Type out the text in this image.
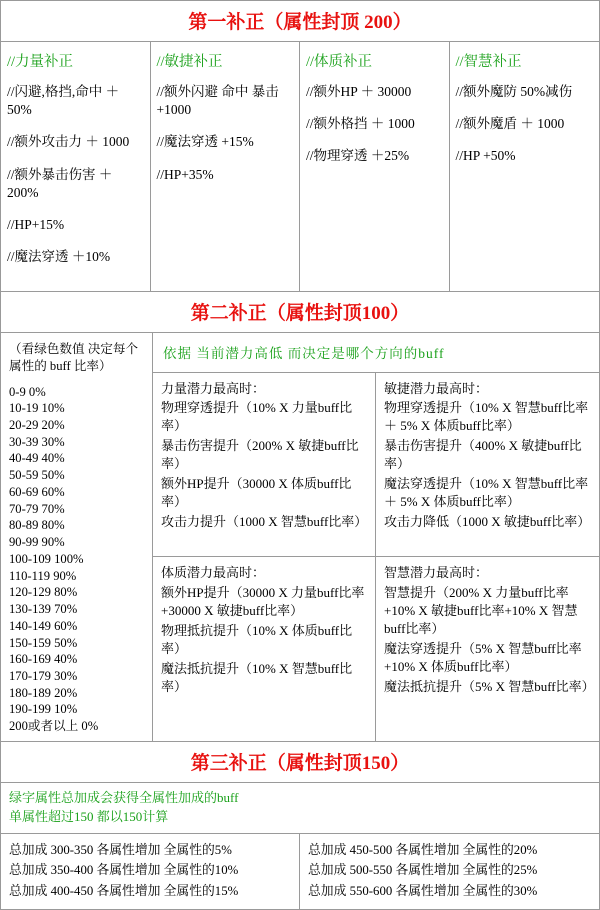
第一补正（属性封顶 200）
//力量补正
//闪避,格挡,命中 ＋50%
//额外攻击力 ＋ 1000
//额外暴击伤害 ＋ 200%
//HP+15%
//魔法穿透 ＋10%
//敏捷补正
//额外闪避 命中 暴击 +1000
//魔法穿透 +15%
//HP+35%
//体质补正
//额外HP ＋ 30000
//额外格挡 ＋ 1000
//物理穿透 ＋25%
//智慧补正
//额外魔防 50%减伤
//额外魔盾 ＋ 1000
//HP +50%
第二补正（属性封顶100）
（看绿色数值 决定每个属性的 buff 比率）
0-9 0%
10-19 10%
20-29 20%
30-39 30%
40-49 40%
50-59 50%
60-69 60%
70-79 70%
80-89 80%
90-99 90%
100-109 100%
110-119 90%
120-129 80%
130-139 70%
140-149 60%
150-159 50%
160-169 40%
170-179 30%
180-189 20%
190-199 10%
200或者以上 0%
依据 当前潜力高低 而决定是哪个方向的buff
力量潜力最高时：
物理穿透提升（10% X 力量buff比率）
暴击伤害提升（200% X 敏捷buff比率）
额外HP提升（30000 X 体质buff比率）
攻击力提升（1000 X 智慧buff比率）
敏捷潜力最高时：
物理穿透提升（10% X 智慧buff比率 ＋ 5% X 体质buff比率）
暴击伤害提升（400% X 敏捷buff比率）
魔法穿透提升（10% X 智慧buff比率 ＋ 5% X 体质buff比率）
攻击力降低（1000 X 敏捷buff比率）
体质潜力最高时：
额外HP提升（30000 X 力量buff比率+30000 X 敏捷buff比率）
物理抵抗提升（10% X 体质buff比率）
魔法抵抗提升（10% X 智慧buff比率）
智慧潜力最高时：
智慧提升（200% X 力量buff比率+10% X 敏捷buff比率+10% X 智慧buff比率）
魔法穿透提升（5% X 智慧buff比率+10% X 体质buff比率）
魔法抵抗提升（5% X 智慧buff比率）
第三补正（属性封顶150）
绿字属性总加成会获得全属性加成的buff
单属性超过150 都以150计算
总加成 300-350 各属性增加 全属性的5%
总加成 350-400 各属性增加 全属性的10%
总加成 400-450 各属性增加 全属性的15%
总加成 450-500 各属性增加 全属性的20%
总加成 500-550 各属性增加 全属性的25%
总加成 550-600 各属性增加 全属性的30%
